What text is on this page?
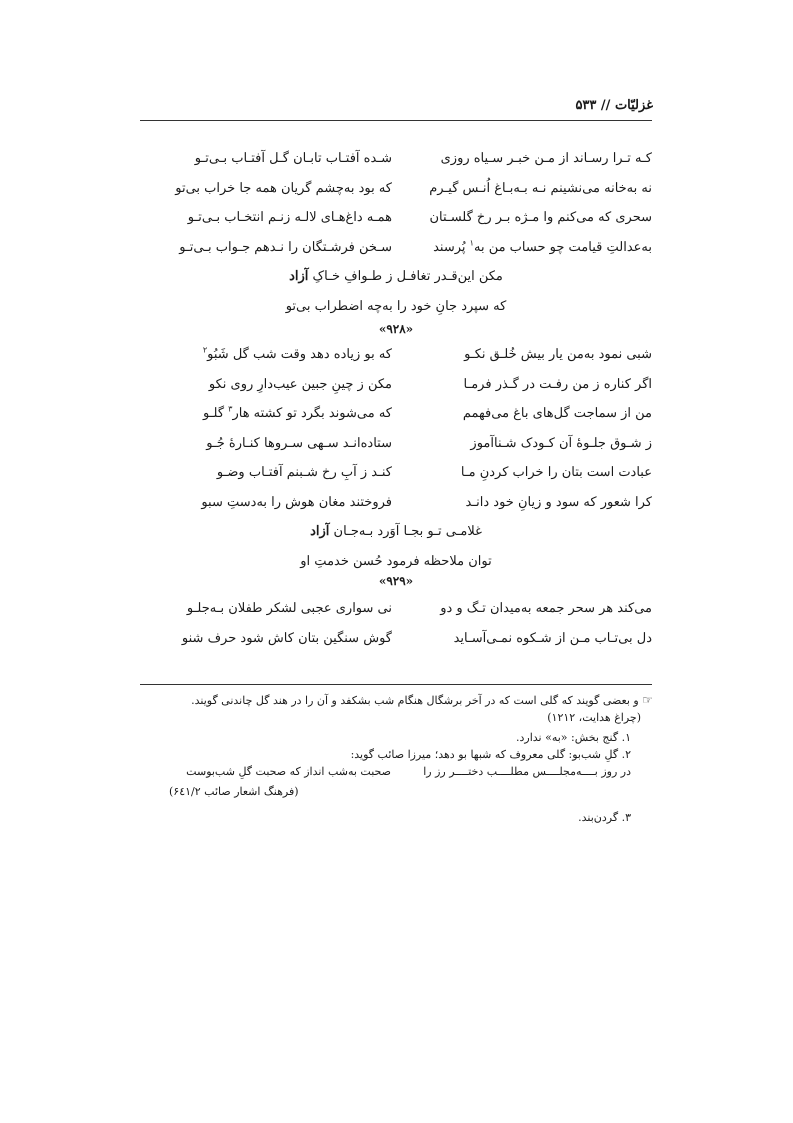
غزلیّات // ۵۳۳
کـه تـرا رسـاند از مـن خبـر سـیاه روزی
شـده آفتـاب تابـان گـل آفتـاب بـی‌تـو
نه به‌خانه می‌نشینم نـه بـه‌بـاغ اُنـس گیـرم
که بود به‌چشم گریان همه جا خراب بی‌تو
سحری که می‌کنم وا مـژه بـر رخ گلسـتان
همـه داغ‌هـای لالـه زنـم انتخـاب بـی‌تـو
به‌عدالتِ قیامت چو حساب من به$^۱$ پُرسند
سـخن فرشـتگان را نـدهم جـواب بـی‌تـو
مکن این‌قـدر تغافـل ز طـوافِ خـاکِ آزاد
که سپرد جانِ خود را به‌چه اضطراب بی‌تو
«۹۲۸»
شبی نمود به‌من یار بیش خُلـق نکـو
که بو زیاده دهد وقت شب گل شَبُو$^۲$
اگر کناره ز من رفـت در گـذر فرمـا
مکن ز چینِ جبین عیب‌دارِ روی نکو
من از سماجت گل‌های باغ می‌فهمم
که می‌شوند بگرد تو کشته هار$^۳$ گلـو
ز شـوق جلـوهٔ آن کـودک شـناآموز
ستاده‌انـد سـهی سـروها کنـارهٔ جُـو
عبادت است بتان را خراب کردنِ مـا
کنـد ز آبِ رخ شـبنم آفتـاب وضـو
کرا شعور که سود و زیانِ خود دانـد
فروختند مغان هوش را به‌دستِ سبو
غلامـی تـو بجـا آوَرد بـه‌جـان آزاد
توان ملاحظه فرمود حُسن خدمتِ او
«۹۲۹»
می‌کند هر سحر جمعه به‌میدان تـگ و دو
نی سواری عجبی لشکر طفلان بـه‌جلـو
دل بی‌تـاب مـن از شـکوه نمـی‌آسـاید
گوش سنگین بتان کاش شود حرف شنو
☞ و بعضی گویند که گلی است که در آخر برشگال هنگام شب بشکفد و آن را در هند گل چاندنی گویند.
(چراغ هدایت، ۱۲۱۲)
۱. گنج بخش: «به» ندارد.
۲. گلِ شب‌بو: گلی معروف که شبها بو دهد؛ میرزا صائب گوید:
در روز بــــه‌مجلــــس مطلــــب دختــــر رز را
صحبت به‌شب انداز که صحبت گلِ شب‌بوست
(فرهنگ اشعار صائب ۶٤۱/۲)
۳. گردن‌بند.
